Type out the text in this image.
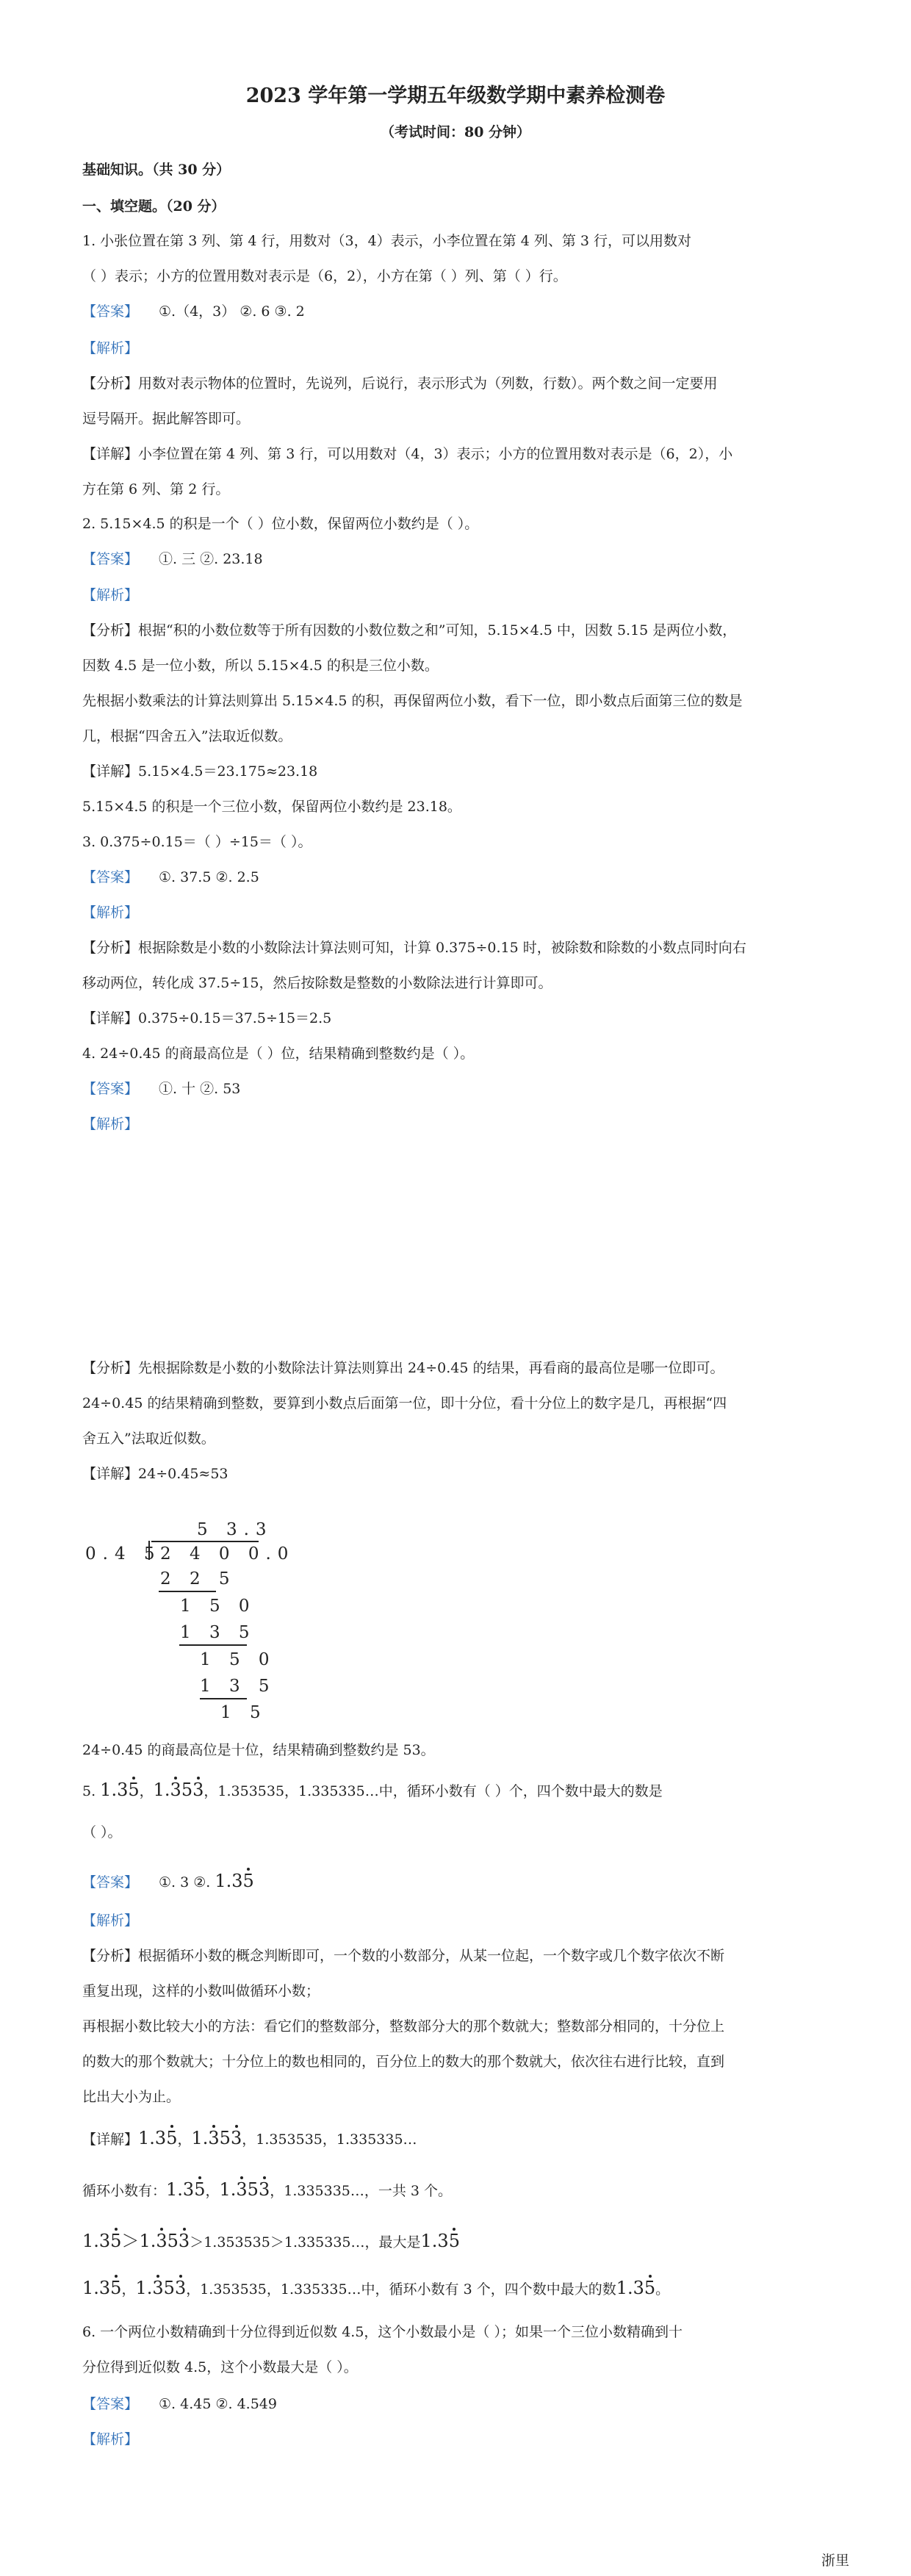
2023 学年第一学期五年级数学期中素养检测卷
（考试时间：80 分钟）
基础知识。（共 30 分）
一、填空题。（20 分）
1. 小张位置在第 3 列、第 4 行，用数对（3，4）表示，小李位置在第 4 列、第 3 行，可以用数对
（ ）表示；小方的位置用数对表示是（6，2），小方在第（ ）列、第（ ）行。
【答案】 ①.（4，3） ②. 6 ③. 2
【解析】
【分析】用数对表示物体的位置时，先说列，后说行，表示形式为（列数，行数）。两个数之间一定要用
逗号隔开。据此解答即可。
【详解】小李位置在第 4 列、第 3 行，可以用数对（4，3）表示；小方的位置用数对表示是（6，2），小
方在第 6 列、第 2 行。
2. 5.15×4.5 的积是一个（ ）位小数，保留两位小数约是（ ）。
【答案】 ①. 三 ②. 23.18
【解析】
【分析】根据“积的小数位数等于所有因数的小数位数之和”可知，5.15×4.5 中，因数 5.15 是两位小数，
因数 4.5 是一位小数，所以 5.15×4.5 的积是三位小数。
先根据小数乘法的计算法则算出 5.15×4.5 的积，再保留两位小数，看下一位，即小数点后面第三位的数是
几，根据“四舍五入”法取近似数。
【详解】5.15×4.5＝23.175≈23.18
5.15×4.5 的积是一个三位小数，保留两位小数约是 23.18。
3. 0.375÷0.15＝（ ）÷15＝（ ）。
【答案】 ①. 37.5 ②. 2.5
【解析】
【分析】根据除数是小数的小数除法计算法则可知，计算 0.375÷0.15 时，被除数和除数的小数点同时向右
移动两位，转化成 37.5÷15，然后按除数是整数的小数除法进行计算即可。
【详解】0.375÷0.15＝37.5÷15＝2.5
4. 24÷0.45 的商最高位是（ ）位，结果精确到整数约是（ ）。
【答案】 ①. 十 ②. 53
【解析】
【分析】先根据除数是小数的小数除法计算法则算出 24÷0.45 的结果，再看商的最高位是哪一位即可。
24÷0.45 的结果精确到整数，要算到小数点后面第一位，即十分位，看十分位上的数字是几，再根据“四
舍五入”法取近似数。
【详解】24÷0.45≈53
5 3.3
0.4 5
2 4 0 0.0
2 2 5
1 5 0
1 3 5
1 5 0
1 3 5
1 5
24÷0.45 的商最高位是十位，结果精确到整数约是 53。
5. 1.35，1.353，1.353535，1.335335…中，循环小数有（ ）个，四个数中最大的数是
（ ）。
【答案】 ①. 3 ②. 1.35
【解析】
【分析】根据循环小数的概念判断即可，一个数的小数部分，从某一位起，一个数字或几个数字依次不断
重复出现，这样的小数叫做循环小数；
再根据小数比较大小的方法：看它们的整数部分，整数部分大的那个数就大；整数部分相同的，十分位上
的数大的那个数就大；十分位上的数也相同的，百分位上的数大的那个数就大，依次往右进行比较，直到
比出大小为止。
【详解】1.35，1.353，1.353535，1.335335…
循环小数有：1.35，1.353，1.335335…，一共 3 个。
1.35＞1.353＞1.353535＞1.335335…，最大是1.35
1.35，1.353，1.353535，1.335335…中，循环小数有 3 个，四个数中最大的数1.35。
6. 一个两位小数精确到十分位得到近似数 4.5，这个小数最小是（ ）；如果一个三位小数精确到十
分位得到近似数 4.5，这个小数最大是（ ）。
【答案】 ①. 4.45 ②. 4.549
【解析】
浙里
